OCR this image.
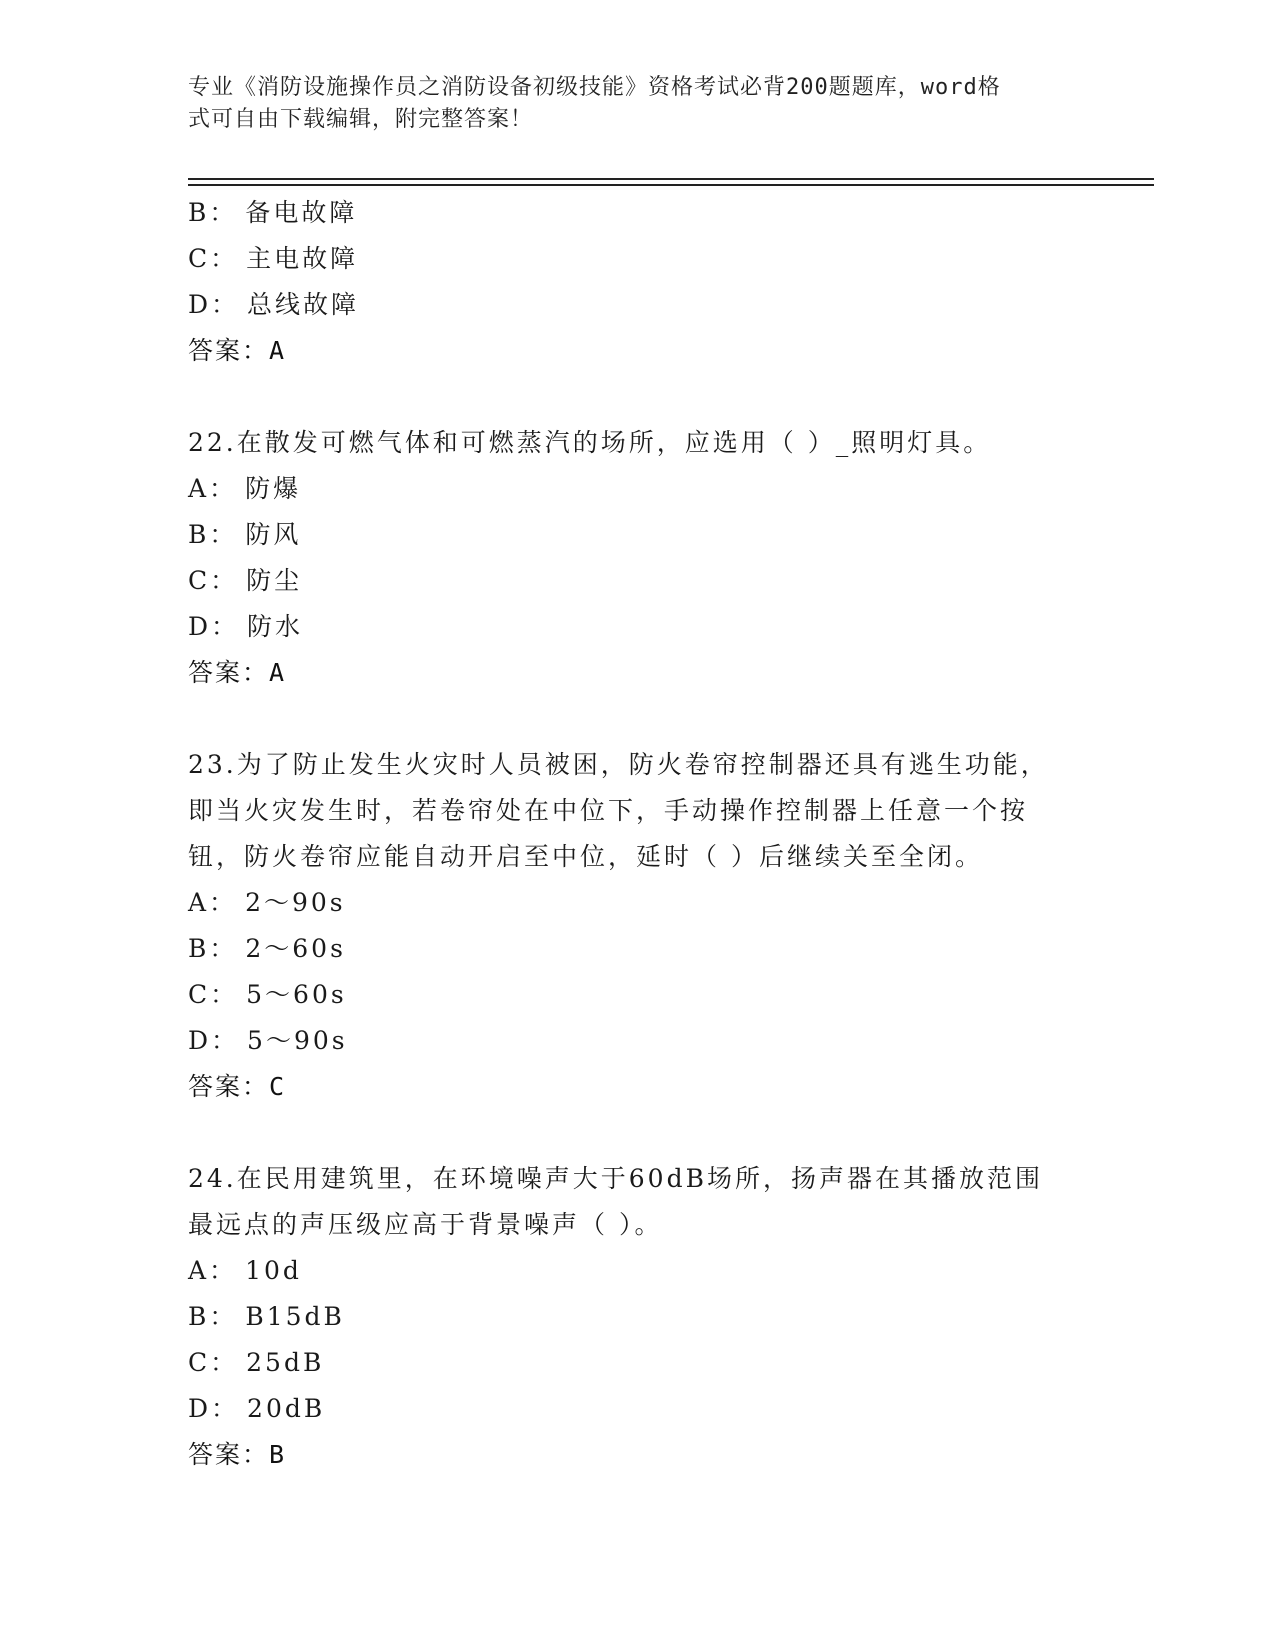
专业《消防设施操作员之消防设备初级技能》资格考试必背200题题库，word格
式可自由下载编辑，附完整答案！
B： 备电故障
C： 主电故障
D： 总线故障
答案：A
22.在散发可燃气体和可燃蒸汽的场所，应选用（ ）_照明灯具。
A： 防爆
B： 防风
C： 防尘
D： 防水
答案：A
23.为了防止发生火灾时人员被困，防火卷帘控制器还具有逃生功能，
即当火灾发生时，若卷帘处在中位下，手动操作控制器上任意一个按
钮，防火卷帘应能自动开启至中位，延时（ ）后继续关至全闭。
A： 2～90s
B： 2～60s
C： 5～60s
D： 5～90s
答案：C
24.在民用建筑里，在环境噪声大于60dB场所，扬声器在其播放范围
最远点的声压级应高于背景噪声（ ）。
A： 10d
B： B15dB
C： 25dB
D： 20dB
答案：B
